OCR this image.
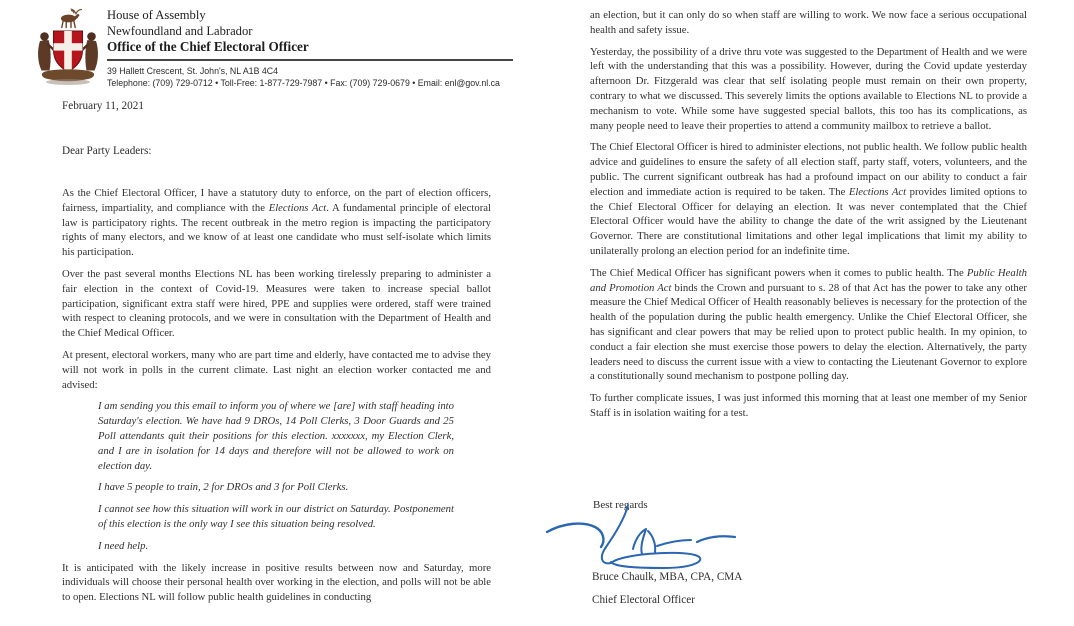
House of Assembly
Newfoundland and Labrador
Office of the Chief Electoral Officer
39 Hallett Crescent, St. John's, NL A1B 4C4
Telephone: (709) 729-0712 • Toll-Free: 1-877-729-7987 • Fax: (709) 729-0679 • Email: enl@gov.nl.ca
February 11, 2021
Dear Party Leaders:

As the Chief Electoral Officer, I have a statutory duty to enforce, on the part of election officers, fairness, impartiality, and compliance with the Elections Act. A fundamental principle of electoral law is participatory rights. The recent outbreak in the metro region is impacting the participatory rights of many electors, and we know of at least one candidate who must self-isolate which limits his participation.

Over the past several months Elections NL has been working tirelessly preparing to administer a fair election in the context of Covid-19. Measures were taken to increase special ballot participation, significant extra staff were hired, PPE and supplies were ordered, staff were trained with respect to cleaning protocols, and we were in consultation with the Department of Health and the Chief Medical Officer.

At present, electoral workers, many who are part time and elderly, have contacted me to advise they will not work in polls in the current climate. Last night an election worker contacted me and advised:

I am sending you this email to inform you of where we [are] with staff heading into Saturday's election. We have had 9 DROs, 14 Poll Clerks, 3 Door Guards and 25 Poll attendants quit their positions for this election. xxxxxxx, my Election Clerk, and I are in isolation for 14 days and therefore will not be allowed to work on election day.

I have 5 people to train, 2 for DROs and 3 for Poll Clerks.

I cannot see how this situation will work in our district on Saturday. Postponement of this election is the only way I see this situation being resolved.

I need help.

It is anticipated with the likely increase in positive results between now and Saturday, more individuals will choose their personal health over working in the election, and polls will not be able to open. Elections NL will follow public health guidelines in conducting

an election, but it can only do so when staff are willing to work. We now face a serious occupational health and safety issue.

Yesterday, the possibility of a drive thru vote was suggested to the Department of Health and we were left with the understanding that this was a possibility. However, during the Covid update yesterday afternoon Dr. Fitzgerald was clear that self isolating people must remain on their own property, contrary to what we discussed. This severely limits the options available to Elections NL to provide a mechanism to vote. While some have suggested special ballots, this too has its complications, as many people need to leave their properties to attend a community mailbox to retrieve a ballot.

The Chief Electoral Officer is hired to administer elections, not public health. We follow public health advice and guidelines to ensure the safety of all election staff, party staff, voters, volunteers, and the public. The current significant outbreak has had a profound impact on our ability to conduct a fair election and immediate action is required to be taken. The Elections Act provides limited options to the Chief Electoral Officer for delaying an election. It was never contemplated that the Chief Electoral Officer would have the ability to change the date of the writ assigned by the Lieutenant Governor. There are constitutional limitations and other legal implications that limit my ability to unilaterally prolong an election period for an indefinite time.

The Chief Medical Officer has significant powers when it comes to public health. The Public Health and Promotion Act binds the Crown and pursuant to s. 28 of that Act has the power to take any other measure the Chief Medical Officer of Health reasonably believes is necessary for the protection of the health of the population during the public health emergency. Unlike the Chief Electoral Officer, she has significant and clear powers that may be relied upon to protect public health. In my opinion, to conduct a fair election she must exercise those powers to delay the election. Alternatively, the party leaders need to discuss the current issue with a view to contacting the Lieutenant Governor to explore a constitutionally sound mechanism to postpone polling day.

To further complicate issues, I was just informed this morning that at least one member of my Senior Staff is in isolation waiting for a test.

Best regards
Bruce Chaulk, MBA, CPA, CMA
Chief Electoral Officer
